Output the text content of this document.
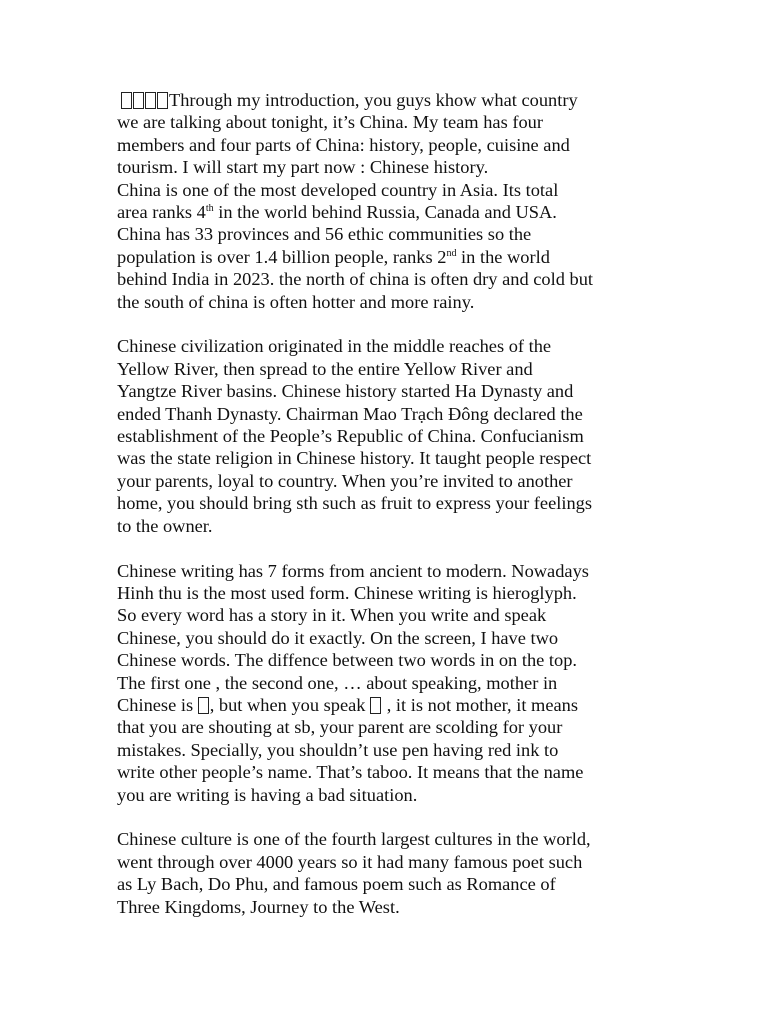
Through my introduction, you guys khow what country
we are talking about tonight, it’s China. My team has four
members and four parts of China: history, people, cuisine and
tourism. I will start my part now : Chinese history.
China is one of the most developed country in Asia. Its total
area ranks 4th in the world behind Russia, Canada and USA.
China has 33 provinces and 56 ethic communities so the
population is over 1.4 billion people, ranks 2nd in the world
behind India in 2023. the north of china is often dry and cold but
the south of china is often hotter and more rainy.

Chinese civilization originated in the middle reaches of the
Yellow River, then spread to the entire Yellow River and
Yangtze River basins. Chinese history started Ha Dynasty and
ended Thanh Dynasty. Chairman Mao Trạch Đông declared the
establishment of the People’s Republic of China. Confucianism
was the state religion in Chinese history. It taught people respect
your parents, loyal to country. When you’re invited to another
home, you should bring sth such as fruit to express your feelings
to the owner.

Chinese writing has 7 forms from ancient to modern. Nowadays
Hinh thu is the most used form. Chinese writing is hieroglyph.
So every word has a story in it. When you write and speak
Chinese, you should do it exactly. On the screen, I have two
Chinese words. The diffence between two words in on the top.
The first one , the second one, … about speaking, mother in
Chinese is , but when you speak  , it is not mother, it means
that you are shouting at sb, your parent are scolding for your
mistakes. Specially, you shouldn’t use pen having red ink to
write other people’s name. That’s taboo. It means that the name
you are writing is having a bad situation.

Chinese culture is one of the fourth largest cultures in the world,
went through over 4000 years so it had many famous poet such
as Ly Bach, Do Phu, and famous poem such as Romance of
Three Kingdoms, Journey to the West.
